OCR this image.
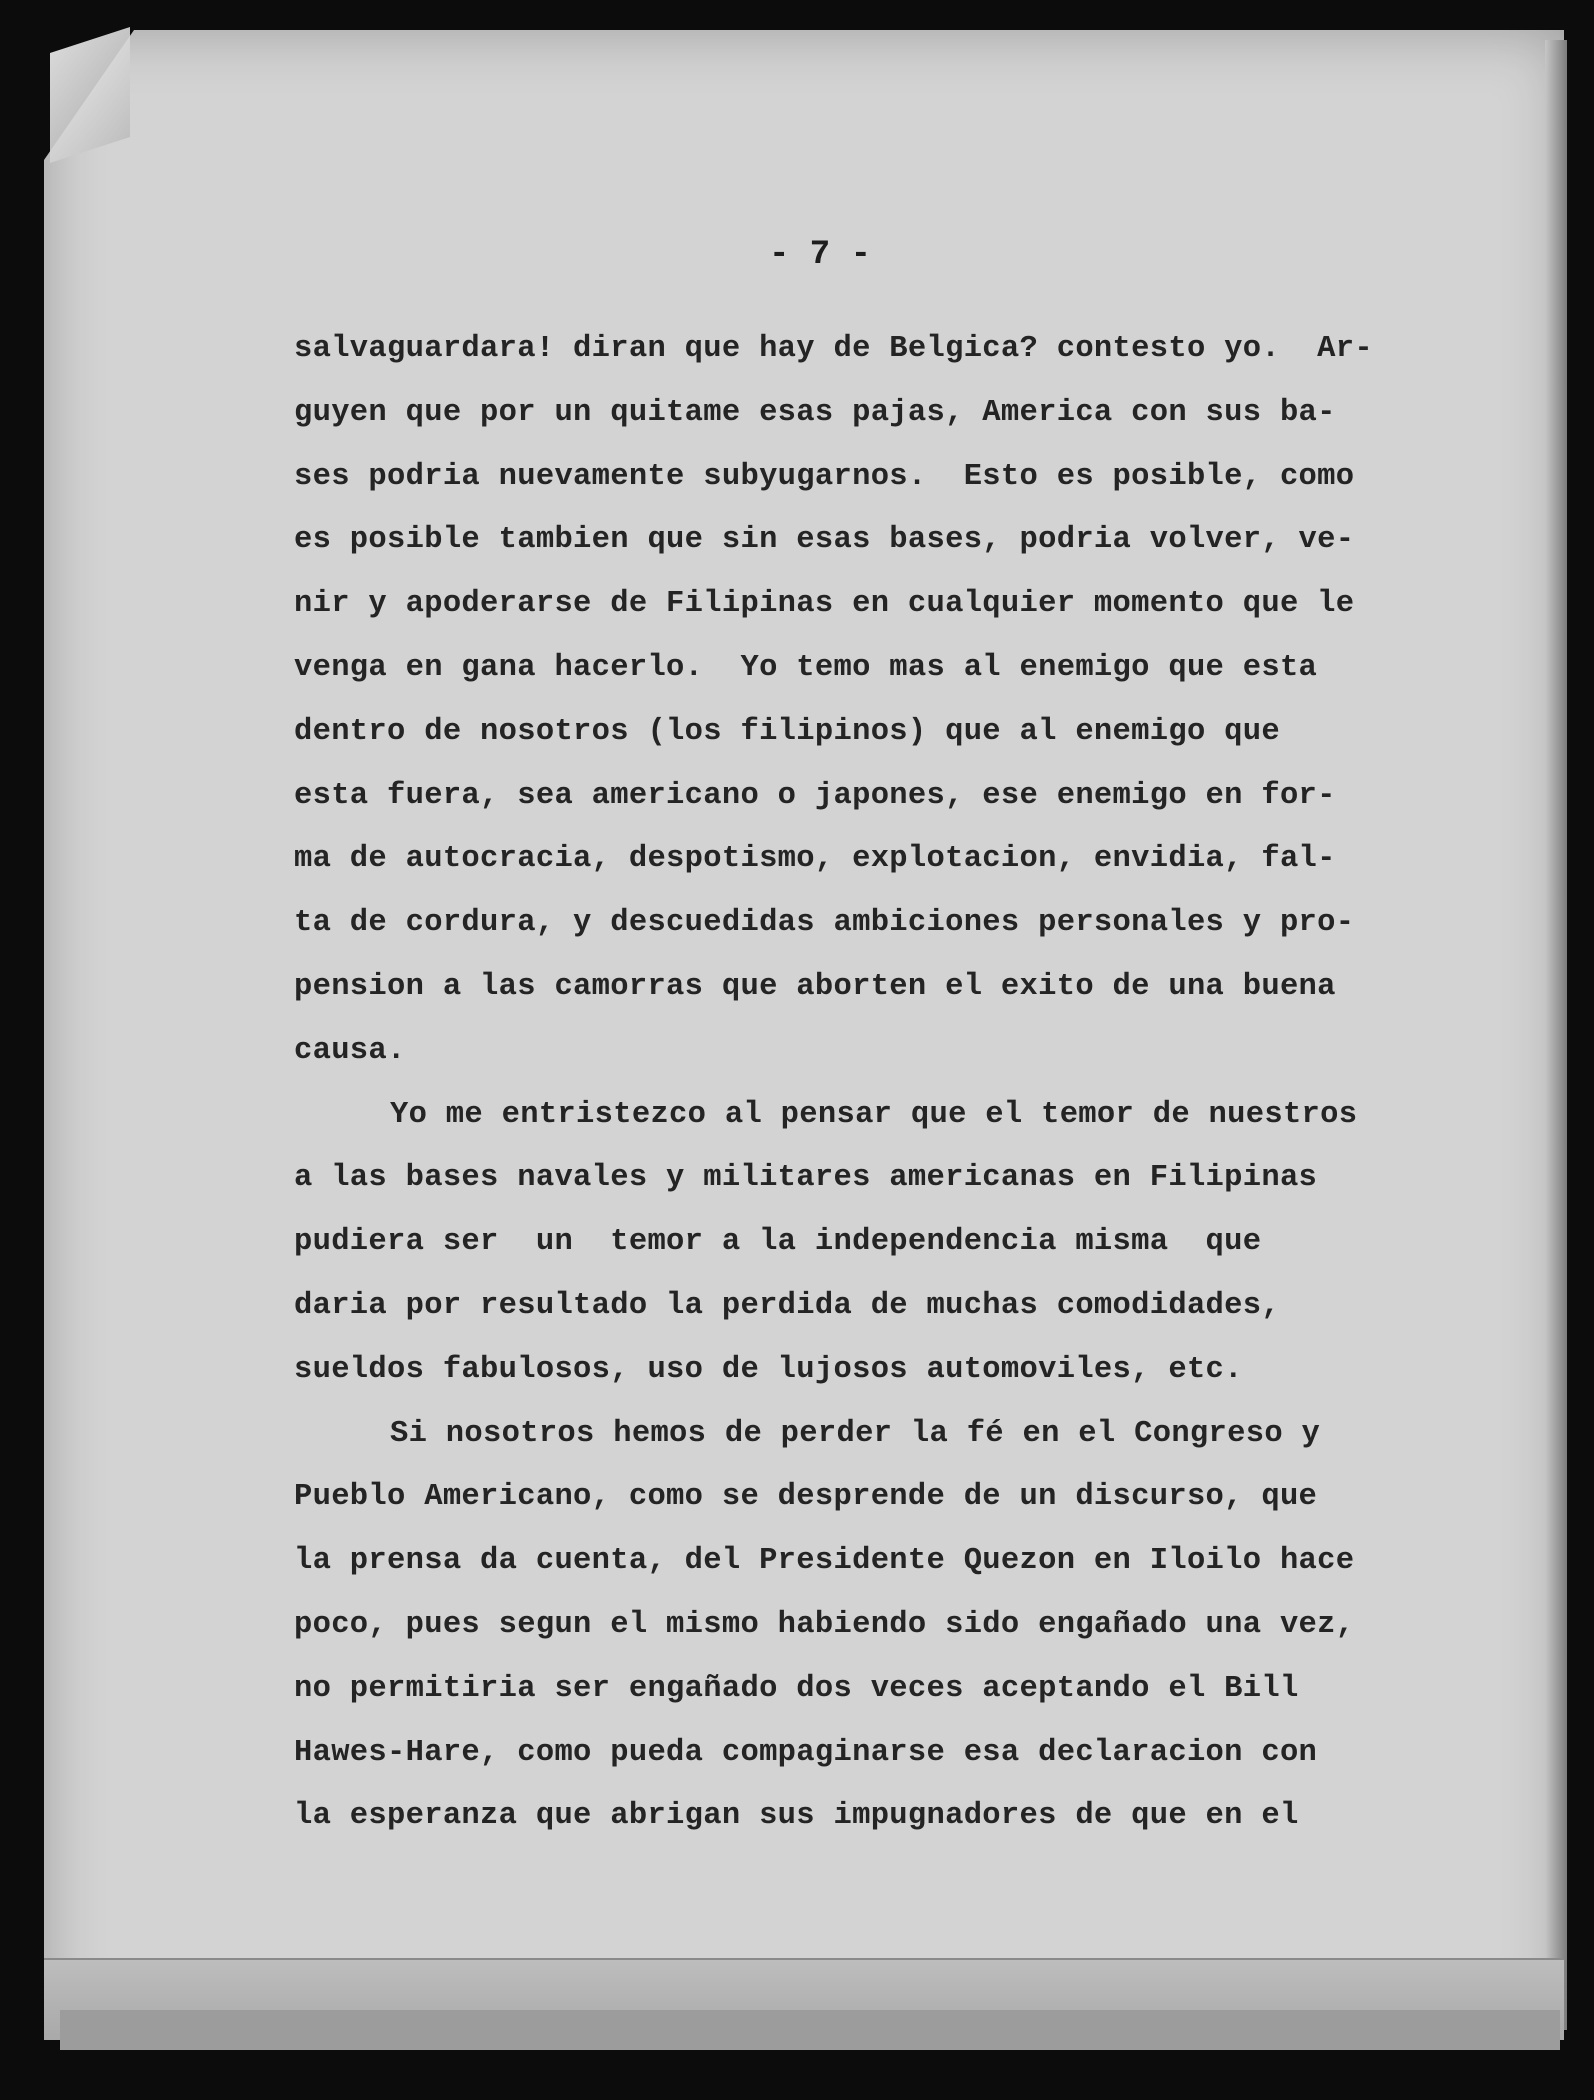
- 7 -
salvaguardara! diran que hay de Belgica? contesto yo.  Ar-
guyen que por un quitame esas pajas, America con sus ba-
ses podria nuevamente subyugarnos.  Esto es posible, como
es posible tambien que sin esas bases, podria volver, ve-
nir y apoderarse de Filipinas en cualquier momento que le
venga en gana hacerlo.  Yo temo mas al enemigo que esta
dentro de nosotros (los filipinos) que al enemigo que
esta fuera, sea americano o japones, ese enemigo en for-
ma de autocracia, despotismo, explotacion, envidia, fal-
ta de cordura, y descuedidas ambiciones personales y pro-
pension a las camorras que aborten el exito de una buena
causa.
Yo me entristezco al pensar que el temor de nuestros
a las bases navales y militares americanas en Filipinas
pudiera ser  un  temor a la independencia misma  que
daria por resultado la perdida de muchas comodidades,
sueldos fabulosos, uso de lujosos automoviles, etc.
Si nosotros hemos de perder la fé en el Congreso y
Pueblo Americano, como se desprende de un discurso, que
la prensa da cuenta, del Presidente Quezon en Iloilo hace
poco, pues segun el mismo habiendo sido engañado una vez,
no permitiria ser engañado dos veces aceptando el Bill
Hawes-Hare, como pueda compaginarse esa declaracion con
la esperanza que abrigan sus impugnadores de que en el
